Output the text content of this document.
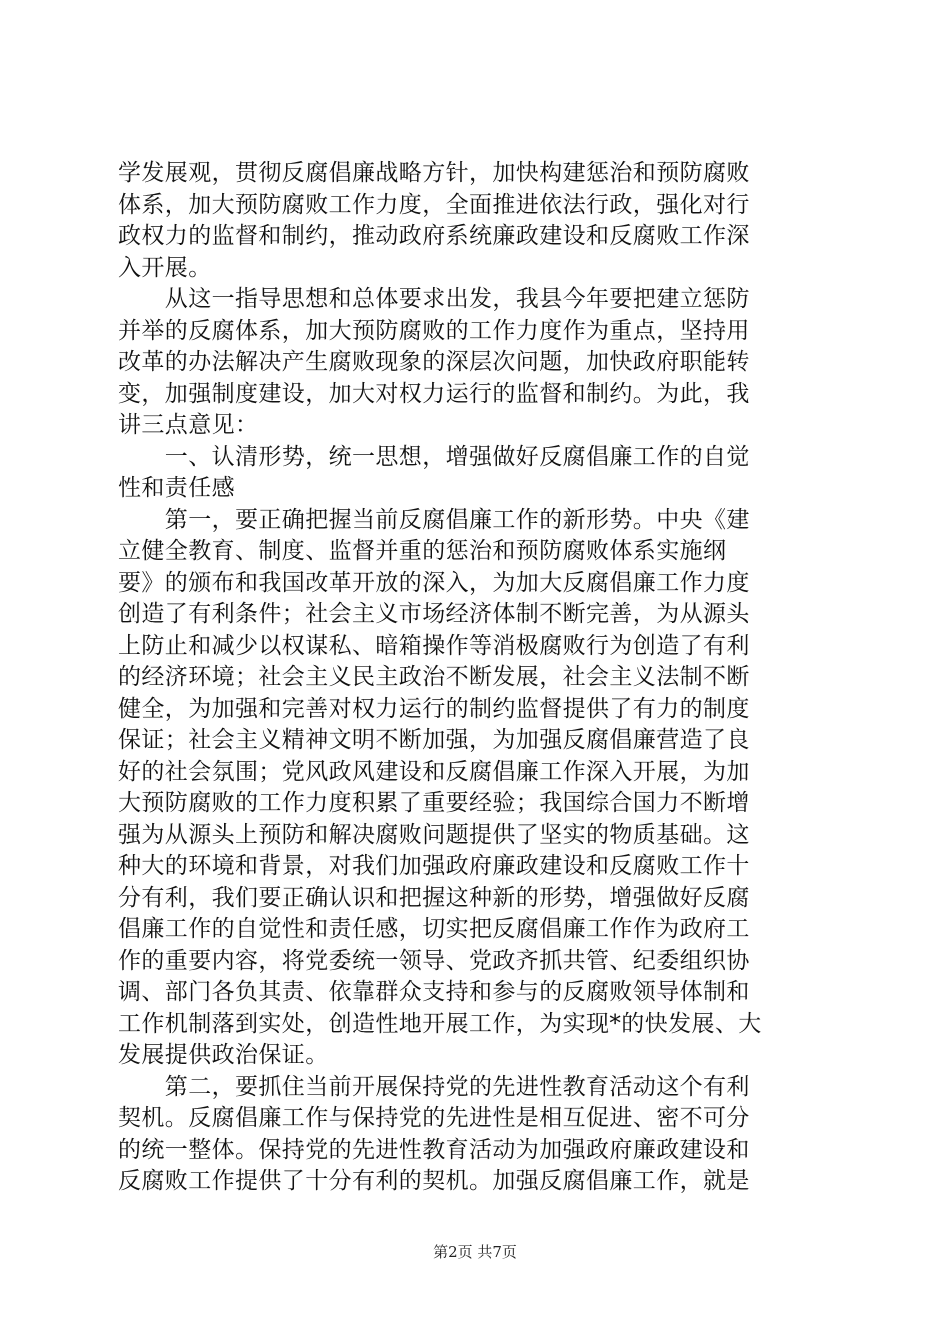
学发展观，贯彻反腐倡廉战略方针，加快构建惩治和预防腐败
体系，加大预防腐败工作力度，全面推进依法行政，强化对行
政权力的监督和制约，推动政府系统廉政建设和反腐败工作深
入开展。
　　从这一指导思想和总体要求出发，我县今年要把建立惩防
并举的反腐体系，加大预防腐败的工作力度作为重点，坚持用
改革的办法解决产生腐败现象的深层次问题，加快政府职能转
变，加强制度建设，加大对权力运行的监督和制约。为此，我
讲三点意见：
　　一、认清形势，统一思想，增强做好反腐倡廉工作的自觉
性和责任感
　　第一，要正确把握当前反腐倡廉工作的新形势。中央《建
立健全教育、制度、监督并重的惩治和预防腐败体系实施纲
要》的颁布和我国改革开放的深入，为加大反腐倡廉工作力度
创造了有利条件；社会主义市场经济体制不断完善，为从源头
上防止和减少以权谋私、暗箱操作等消极腐败行为创造了有利
的经济环境；社会主义民主政治不断发展，社会主义法制不断
健全，为加强和完善对权力运行的制约监督提供了有力的制度
保证；社会主义精神文明不断加强，为加强反腐倡廉营造了良
好的社会氛围；党风政风建设和反腐倡廉工作深入开展，为加
大预防腐败的工作力度积累了重要经验；我国综合国力不断增
强为从源头上预防和解决腐败问题提供了坚实的物质基础。这
种大的环境和背景，对我们加强政府廉政建设和反腐败工作十
分有利，我们要正确认识和把握这种新的形势，增强做好反腐
倡廉工作的自觉性和责任感，切实把反腐倡廉工作作为政府工
作的重要内容，将党委统一领导、党政齐抓共管、纪委组织协
调、部门各负其责、依靠群众支持和参与的反腐败领导体制和
工作机制落到实处，创造性地开展工作，为实现*的快发展、大
发展提供政治保证。
　　第二，要抓住当前开展保持党的先进性教育活动这个有利
契机。反腐倡廉工作与保持党的先进性是相互促进、密不可分
的统一整体。保持党的先进性教育活动为加强政府廉政建设和
反腐败工作提供了十分有利的契机。加强反腐倡廉工作，就是
第2页 共7页
